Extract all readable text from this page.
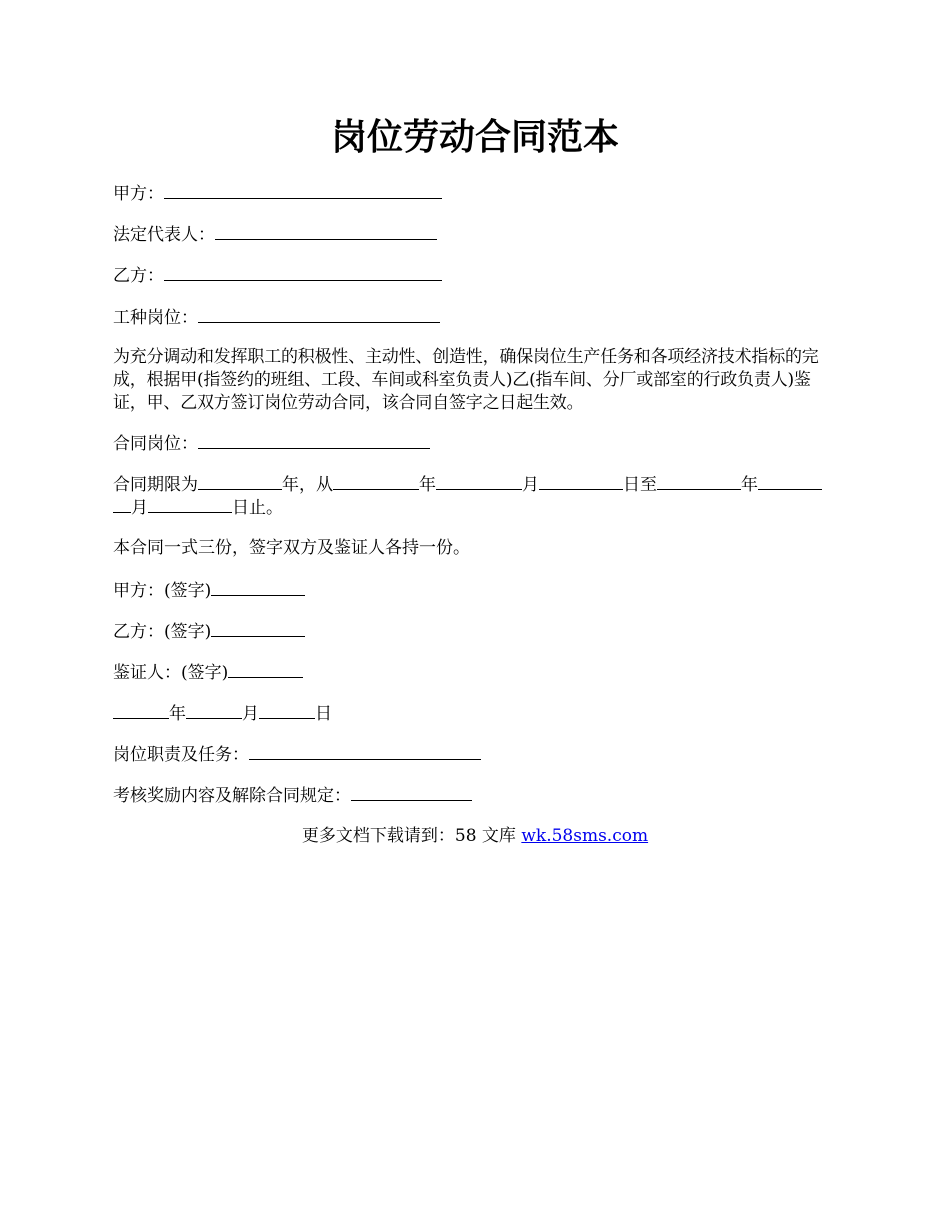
岗位劳动合同范本
甲方：
法定代表人：
乙方：
工种岗位：
为充分调动和发挥职工的积极性、主动性、创造性，确保岗位生产任务和各项经济技术指标的完成，根据甲(指签约的班组、工段、车间或科室负责人)乙(指车间、分厂或部室的行政负责人)鉴证，甲、乙双方签订岗位劳动合同，该合同自签字之日起生效。
合同岗位：
合同期限为	年，从	年	月	日至	年
月	日止。
本合同一式三份，签字双方及鉴证人各持一份。
甲方：(签字)
乙方：(签字)
鉴证人：(签字)
年	月	日
岗位职责及任务：
考核奖励内容及解除合同规定：
更多文档下载请到：58 文库 wk.58sms.com
